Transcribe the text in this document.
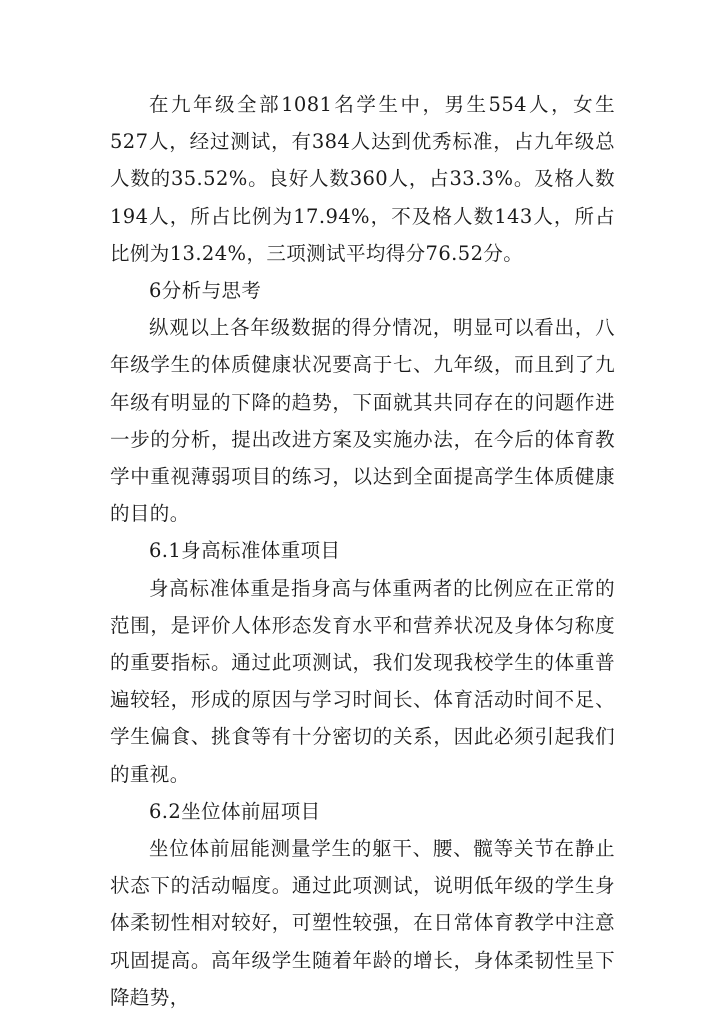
在九年级全部1081名学生中，男生554人，女生527人，经过测试，有384人达到优秀标准，占九年级总人数的35.52%。良好人数360人，占33.3%。及格人数194人，所占比例为17.94%，不及格人数143人，所占比例为13.24%，三项测试平均得分76.52分。

6分析与思考

纵观以上各年级数据的得分情况，明显可以看出，八年级学生的体质健康状况要高于七、九年级，而且到了九年级有明显的下降的趋势，下面就其共同存在的问题作进一步的分析，提出改进方案及实施办法，在今后的体育教学中重视薄弱项目的练习，以达到全面提高学生体质健康的目的。

6.1身高标准体重项目

身高标准体重是指身高与体重两者的比例应在正常的范围，是评价人体形态发育水平和营养状况及身体匀称度的重要指标。通过此项测试，我们发现我校学生的体重普遍较轻，形成的原因与学习时间长、体育活动时间不足、学生偏食、挑食等有十分密切的关系，因此必须引起我们的重视。

6.2坐位体前屈项目

坐位体前屈能测量学生的躯干、腰、髋等关节在静止状态下的活动幅度。通过此项测试，说明低年级的学生身体柔韧性相对较好，可塑性较强，在日常体育教学中注意巩固提高。高年级学生随着年龄的增长，身体柔韧性呈下降趋势，
